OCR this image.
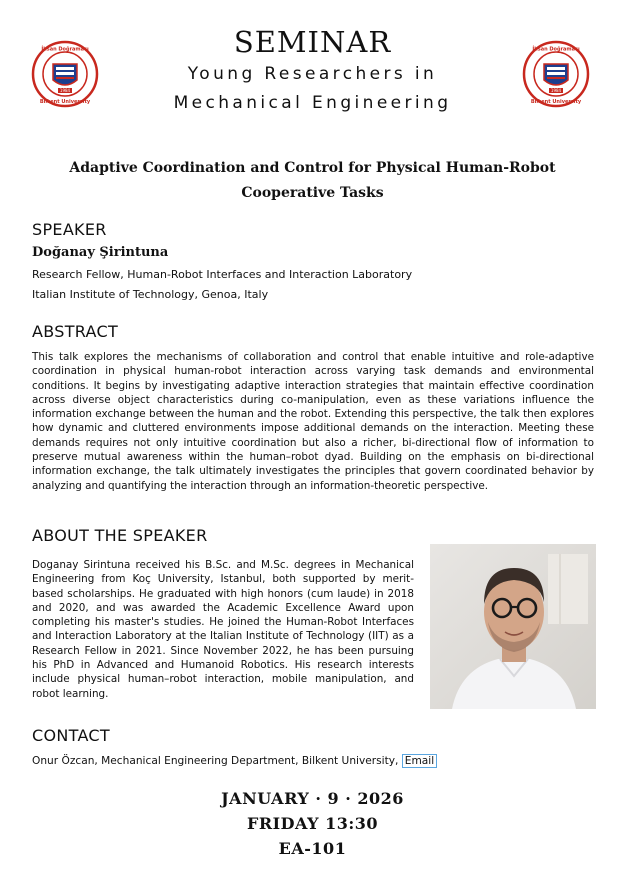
1984
İhsan Doğramacı
Bilkent University
1984
İhsan Doğramacı
Bilkent University
SEMINAR
Young Researchers in
Mechanical Engineering
Adaptive Coordination and Control for Physical Human-Robot
Cooperative Tasks
SPEAKER
Doğanay Şirintuna
Research Fellow, Human-Robot Interfaces and Interaction Laboratory
Italian Institute of Technology, Genoa, Italy
ABSTRACT

This talk explores the mechanisms of collaboration and control that enable intuitive and role-adaptive coordination in physical human-robot interaction across varying task demands and environmental conditions. It begins by investigating adaptive interaction strategies that maintain effective coordination across diverse object characteristics during co-manipulation, even as these variations influence the information exchange between the human and the robot. Extending this perspective, the talk then explores how dynamic and cluttered environments impose additional demands on the interaction. Meeting these demands requires not only intuitive coordination but also a richer, bi-directional flow of information to preserve mutual awareness within the human–robot dyad. Building on the emphasis on bi-directional information exchange, the talk ultimately investigates the principles that govern coordinated behavior by analyzing and quantifying the interaction through an information-theoretic perspective.

ABOUT THE SPEAKER

Doganay Sirintuna received his B.Sc. and M.Sc. degrees in Mechanical Engineering from Koç University, Istanbul, both supported by merit-based scholarships. He graduated with high honors (cum laude) in 2018 and 2020, and was awarded the Academic Excellence Award upon completing his master's studies. He joined the Human-Robot Interfaces and Interaction Laboratory at the Italian Institute of Technology (IIT) as a Research Fellow in 2021. Since November 2022, he has been pursuing his PhD in Advanced and Humanoid Robotics. His research interests include physical human–robot interaction, mobile manipulation, and robot learning.

CONTACT
Onur Özcan, Mechanical Engineering Department, Bilkent University, Email
JANUARY · 9 · 2026
FRIDAY 13:30
EA-101
